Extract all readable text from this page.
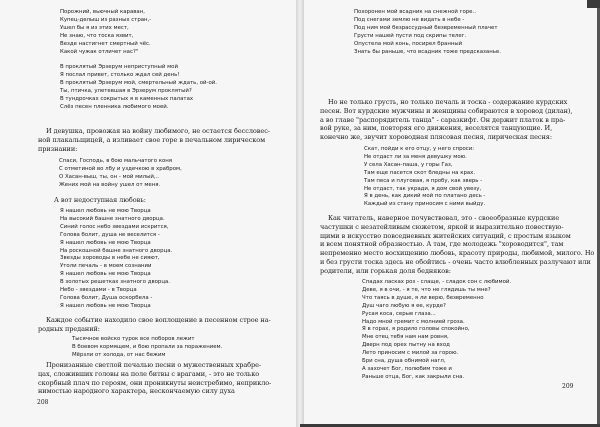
Порожний, вьючный караван,
Купец-делыш из разных стран,-
Ушел бы я из этих мест,
Не знаю, что тоска язвит,
Везде настигнет смертный чёс.
Какой чужак отличет нас?"

В проклятый Эрзерум неприступный мой
Я послал привет, столько ждал сей день!
В проклятый Эрзерум мой, смертельный ждать, ой-ой.
Ты, птичка, улетевшая в Эрзерум проклятый?
В тундрочках сокрытых я в каменных палатах
Слёз песен пленника любимого моей.
И девушка, провожая на войну любимого, не остается бессловес-
ной плакальщицей, а изливает свое горе в печальном лирическом
признании:
Спаси, Господь, в бою мальчатого коня
С отметиной во лбу и уздечкою в храбром,
О Хасан-выш, ты, он - мой милый,..
Жених мой на войну ушел от меня.
А вот недоступная любовь:
Я нашел любовь не мою Творца
На высокий башне знатного дворца.
Синий голос небо звездами искрится,
Голова болит, душа не веселится -
Я нашел любовь не мою Творца
На роскошной башне знатного дворца.
Звезды хороводы в небе не сияют,
Утоли печаль - в моем сознании
Я нашел любовь не мою Творца
В золотых решетках знатного дворца.
Небо - звездами - в Творца
Голова болит, Душа оскорбела -
Я нашел любовь не мою Творца
Каждое событие находило свое воплощение в песенном строе на-
родных преданий:
Тысячное войско турок все поборов лежит
В боевом кормящем, и бою пропали за поражением.
Мёрзли от холода, от нас бежим
Пронизанные светлой печалью песни о мужественных храбре-
цах, сложивших головы на поле битвы с врагами, - это не только
скорбный плач по героям, они проникнуты неистребимо, неприкло-
нимостью народного характера, нескончаемую силу духа
208
Похоронен мой всадник на снежной горе..
Под снегами землю не видать в небе -
Под ним мой безрассудный безвременный плачет
Грусти нашей пусти под скрипы телег.
Опустела мой конь, посирел бранный
Знать бы раньше, что всадник тоже предсказанье.
Но не только грусть, но только печаль и тоска - содержание курдских
песен. Вот курдские мужчины и женщины собираются в хоровод (дилан),
а во главе "распорядитель танца" - саразкифт. Он держит платок в пра-
вой руке, за ним, повторяя его движения, веселятся танцующие. И,
конечно же, звучит хороводная плясовая песня, лирическая песня:
Скат, пойди к его отцу, у него спроси:
Не отдаст ли за меня девушку мою.
У села Хасан-паша, у горы Газ,
Там еще пасется скот бледны на крах.
Там песа и плуговая, я пробу, как зверь -
Не отдаст, так укради, я дом свой увезу,
Я в день, как дикий мой по платано десь -
Каждый из стану приносим с ними выйду.
Как читатель, наверное почувствовал, это - своеобразные курдские
частушки с незатейливым сюжетом, яркой и выразительно повествую-
щими в искусство повседневных житейских ситуаций, с простым языком
и всем понятной образностью. А там, где молодежь "хороводится", там
непременно место восхищению любовь, красоту природы, любимой, милого. Но
и без грусти тоска здесь не обойтись - очень часто влюбленных разлучают или
родители, или горькая доля бедняков:
Спадах ласках роз - слаще, - сладок сон с любимой.
Деве, я в очи, - я те, что не глядишь ты мне?
Что таясь в душе, я ли верю, безвременно
Душ чаго любую я ее, курде?
Русая коса, серые глаза...
Надо мной гремит с молнией гроза.
Я в горах, я родило головы спокойно,
Мне отец тебя нам нам ровня,
Дверн под орех пытну на вход
Лето приносим с милой за горою.
Бри сна, душа обнимой нагл,
А захочет Бог, полюбим тоже и
Раньше отца, Бог, как закрыли сна.
209
